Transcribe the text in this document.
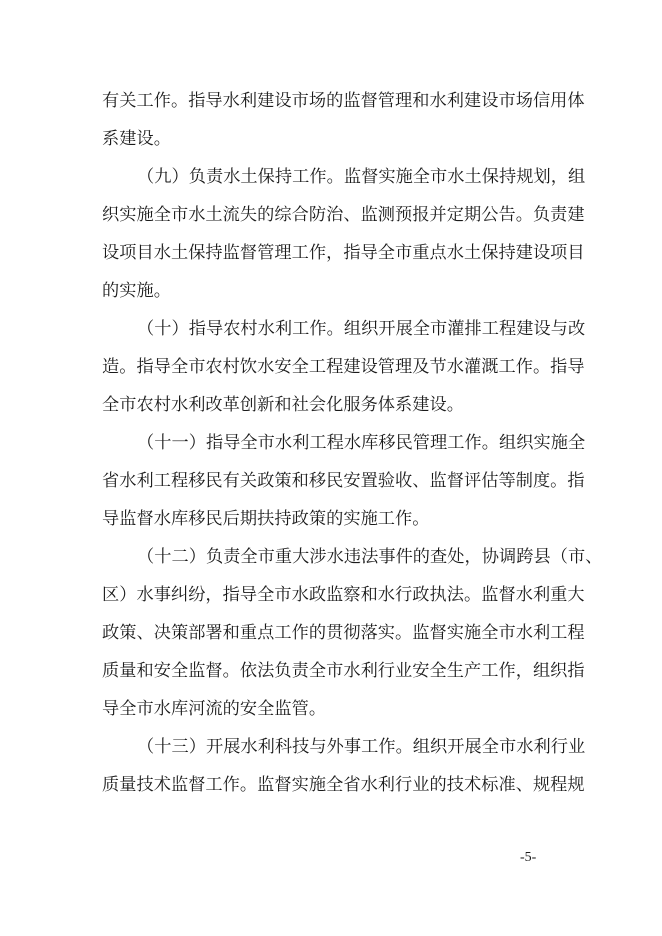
有关工作。指导水利建设市场的监督管理和水利建设市场信用体
系建设。
（九）负责水土保持工作。监督实施全市水土保持规划，组
织实施全市水土流失的综合防治、监测预报并定期公告。负责建
设项目水土保持监督管理工作，指导全市重点水土保持建设项目
的实施。
（十）指导农村水利工作。组织开展全市灌排工程建设与改
造。指导全市农村饮水安全工程建设管理及节水灌溉工作。指导
全市农村水利改革创新和社会化服务体系建设。
（十一）指导全市水利工程水库移民管理工作。组织实施全
省水利工程移民有关政策和移民安置验收、监督评估等制度。指
导监督水库移民后期扶持政策的实施工作。
（十二）负责全市重大涉水违法事件的查处，协调跨县（市、
区）水事纠纷，指导全市水政监察和水行政执法。监督水利重大
政策、决策部署和重点工作的贯彻落实。监督实施全市水利工程
质量和安全监督。依法负责全市水利行业安全生产工作，组织指
导全市水库河流的安全监管。
（十三）开展水利科技与外事工作。组织开展全市水利行业
质量技术监督工作。监督实施全省水利行业的技术标准、规程规
-5-
